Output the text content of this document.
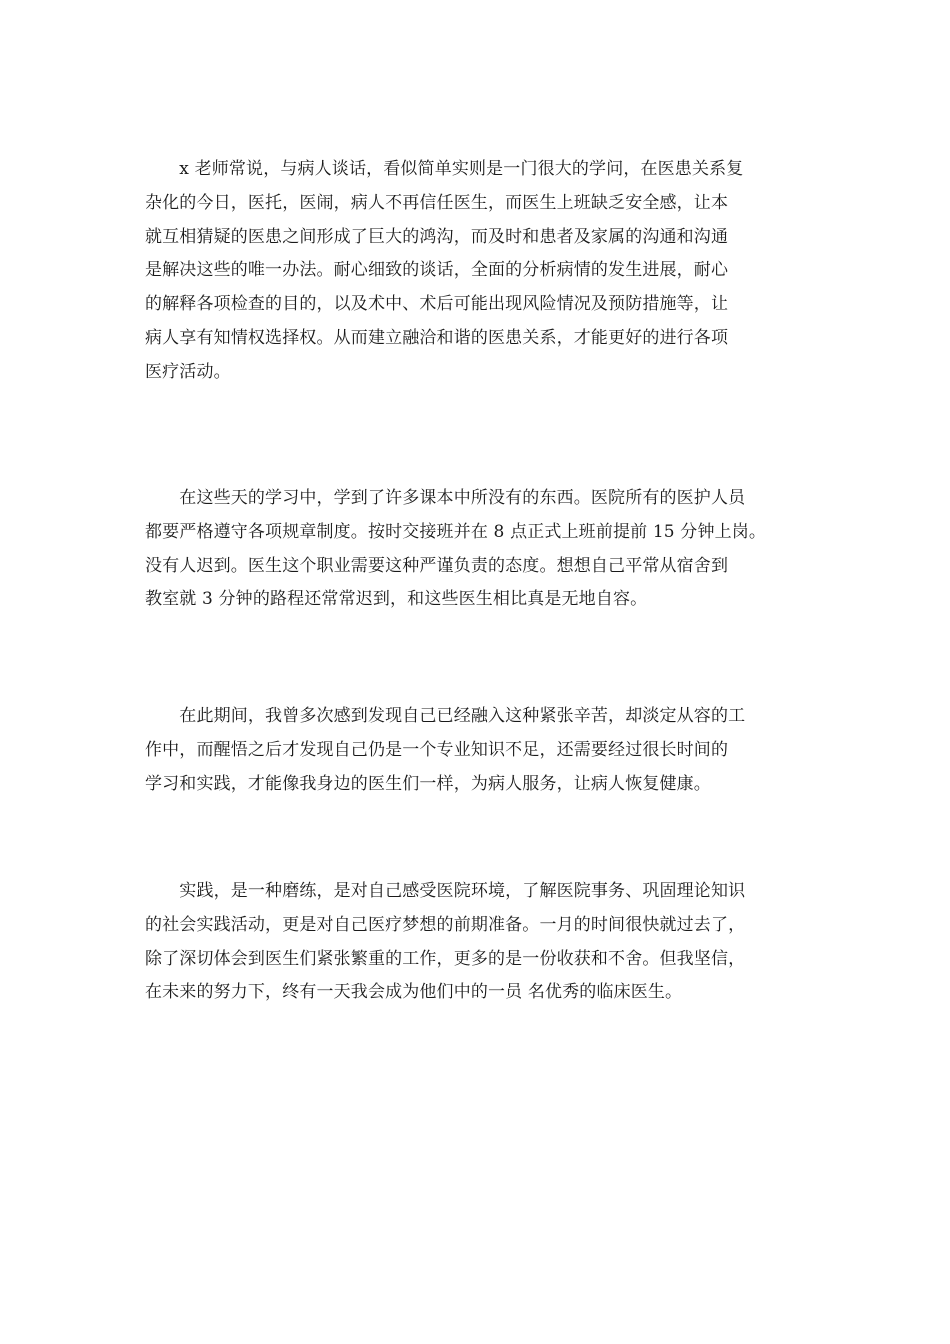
　　x 老师常说，与病人谈话，看似简单实则是一门很大的学问，在医患关系复
杂化的今日，医托，医闹，病人不再信任医生，而医生上班缺乏安全感，让本
就互相猜疑的医患之间形成了巨大的鸿沟，而及时和患者及家属的沟通和沟通
是解决这些的唯一办法。耐心细致的谈话，全面的分析病情的发生进展，耐心
的解释各项检查的目的，以及术中、术后可能出现风险情况及预防措施等，让
病人享有知情权选择权。从而建立融洽和谐的医患关系，才能更好的进行各项
医疗活动。
　　在这些天的学习中，学到了许多课本中所没有的东西。医院所有的医护人员
都要严格遵守各项规章制度。按时交接班并在 8 点正式上班前提前 15 分钟上岗。
没有人迟到。医生这个职业需要这种严谨负责的态度。想想自己平常从宿舍到
教室就 3 分钟的路程还常常迟到，和这些医生相比真是无地自容。
　　在此期间，我曾多次感到发现自己已经融入这种紧张辛苦，却淡定从容的工
作中，而醒悟之后才发现自己仍是一个专业知识不足，还需要经过很长时间的
学习和实践，才能像我身边的医生们一样，为病人服务，让病人恢复健康。
　　实践，是一种磨练，是对自己感受医院环境，了解医院事务、巩固理论知识
的社会实践活动，更是对自己医疗梦想的前期准备。一月的时间很快就过去了，
除了深切体会到医生们紧张繁重的工作，更多的是一份收获和不舍。但我坚信，
在未来的努力下，终有一天我会成为他们中的一员 名优秀的临床医生。
